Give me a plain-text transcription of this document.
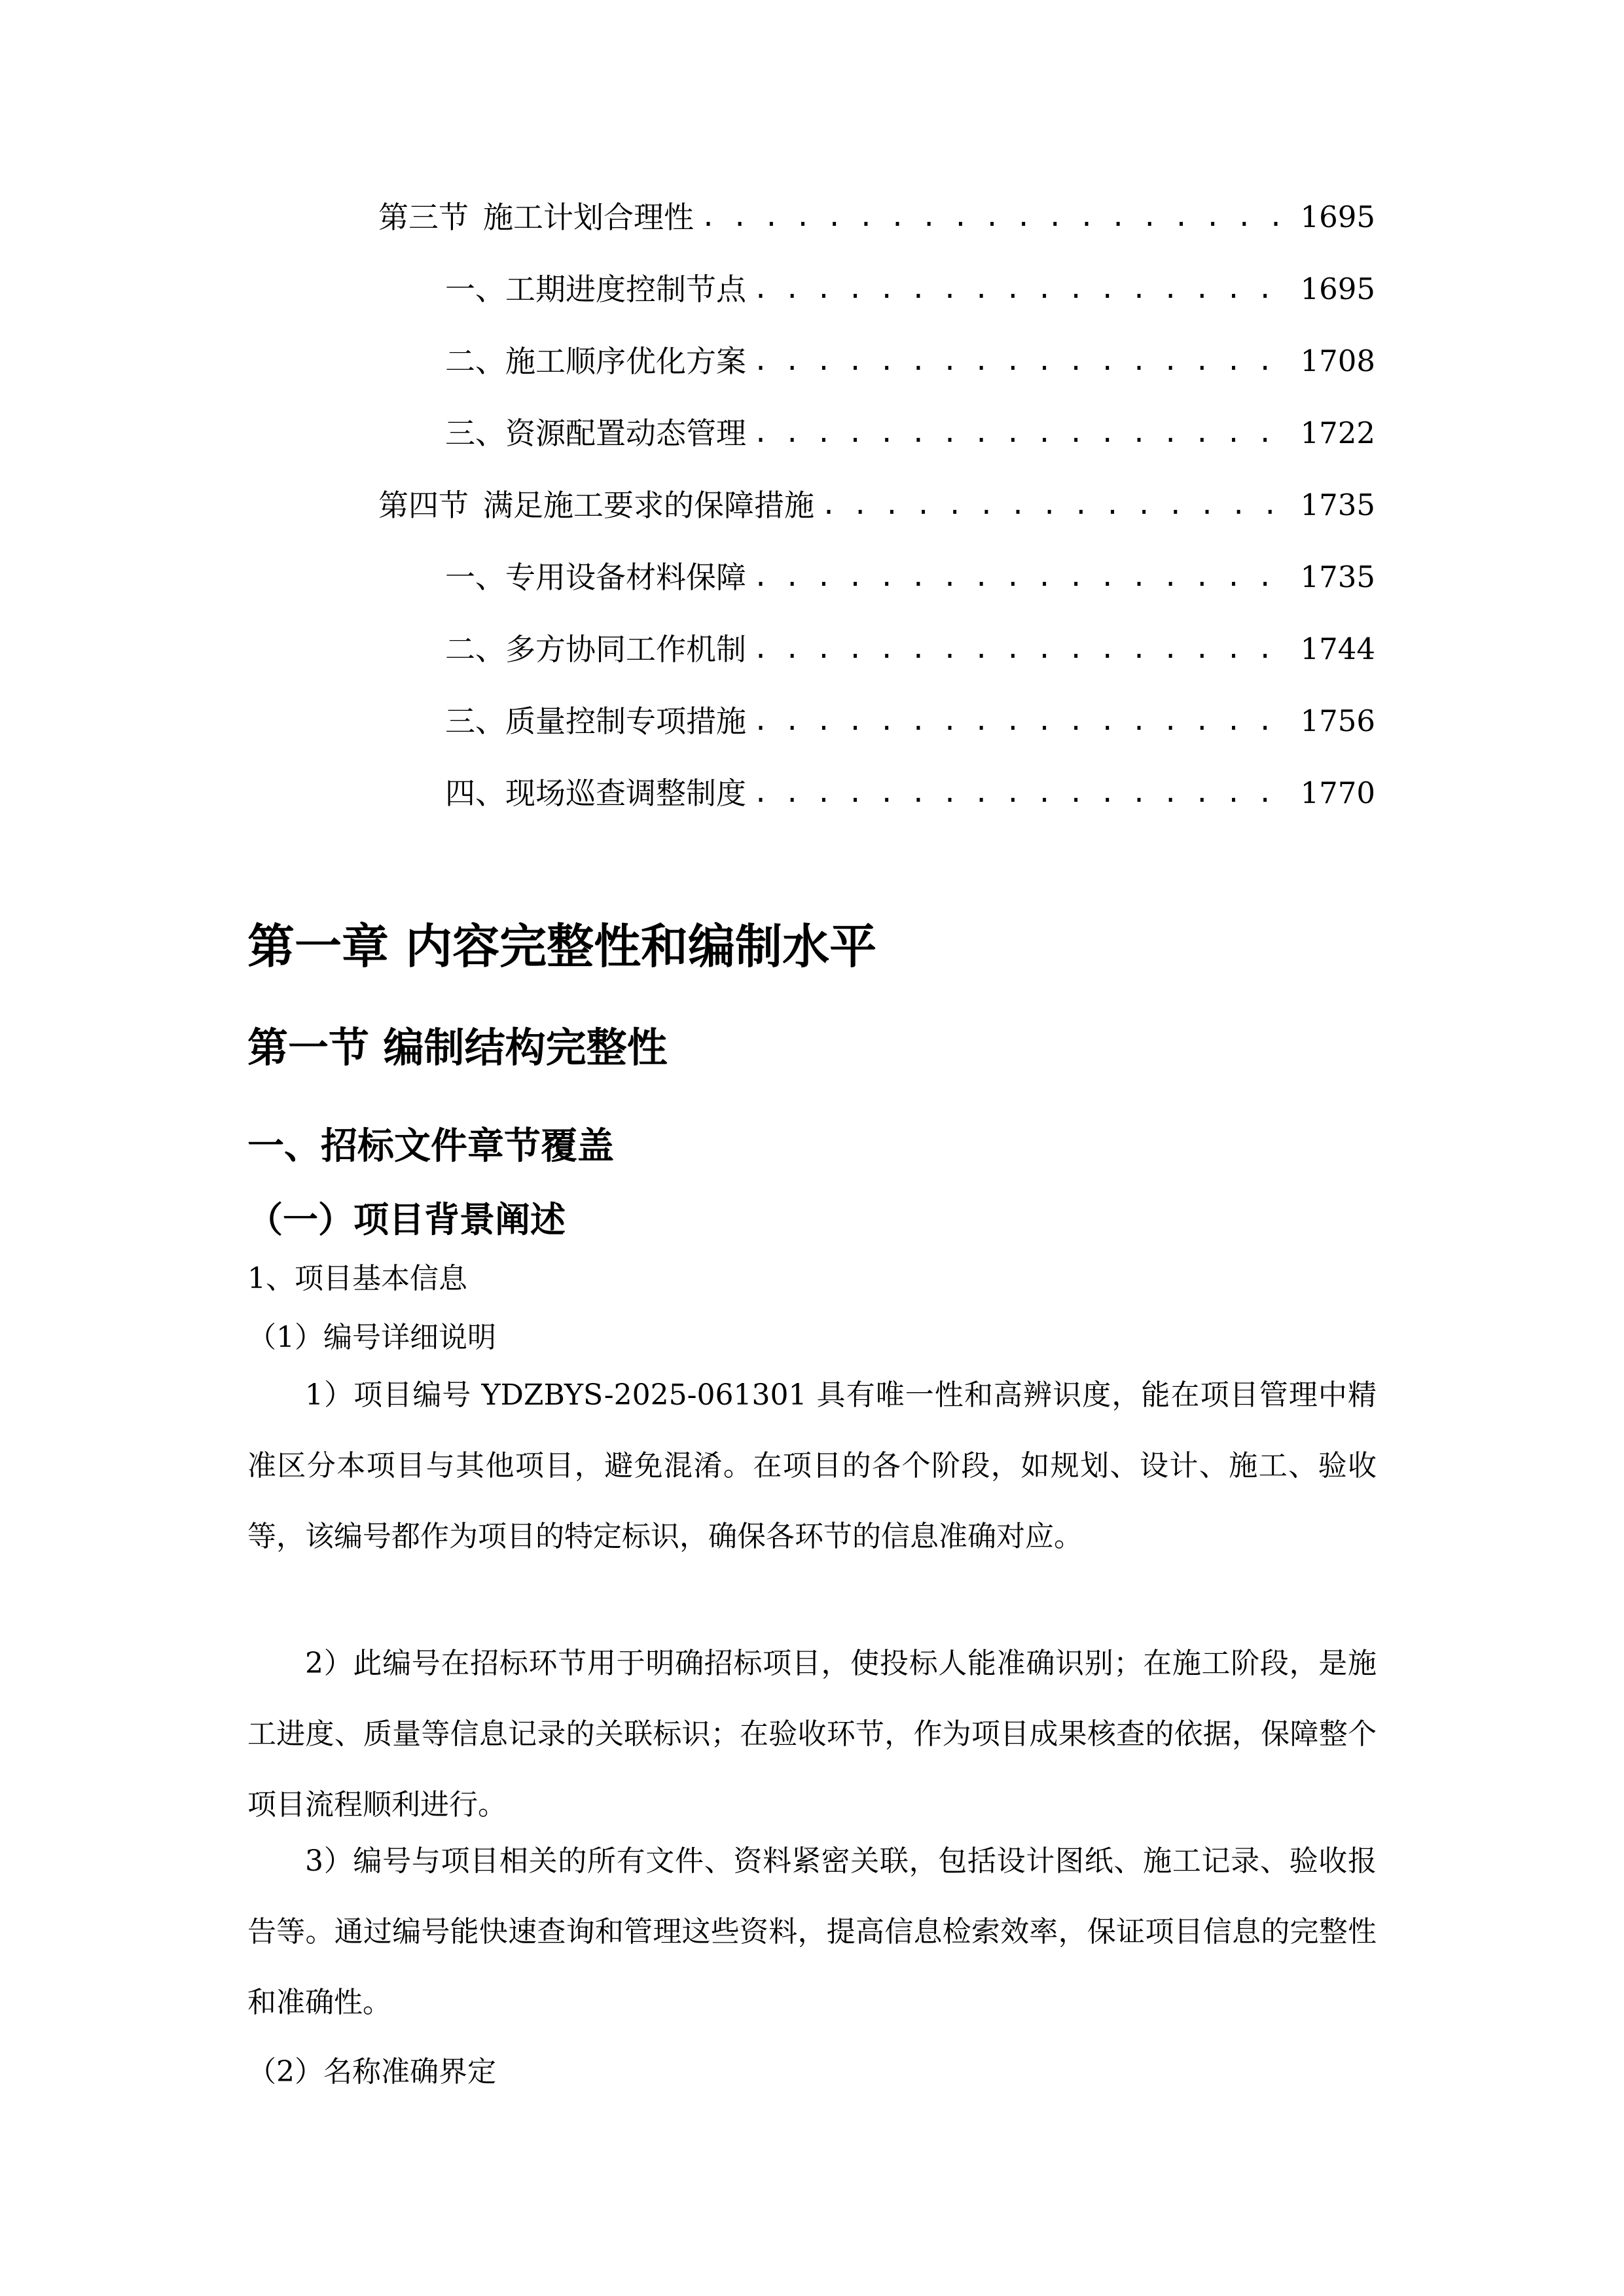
第三节 施工计划合理性 . . .	1695
一、 工期进度控制节点 . . .	1695
二、 施工顺序优化方案 . . .	1708
三、 资源配置动态管理 . . .	1722
第四节 满足施工要求的保障措施 . . .	1735
一、 专用设备材料保障 . . .	1735
二、 多方协同工作机制 . . .	1744
三、 质量控制专项措施 . . .	1756
四、 现场巡查调整制度 . . .	1770
第一章 内容完整性和编制水平
第一节 编制结构完整性
一、招标文件章节覆盖
（一）项目背景阐述
1、项目基本信息
（1）编号详细说明

1）项目编号 YDZBYS-2025-061301 具有唯一性和高辨识度，能在项目管理中精准区分本项目与其他项目，避免混淆。在项目的各个阶段，如规划、设计、施工、验收等，该编号都作为项目的特定标识，确保各环节的信息准确对应。

2）此编号在招标环节用于明确招标项目，使投标人能准确识别；在施工阶段，是施工进度、质量等信息记录的关联标识；在验收环节，作为项目成果核查的依据，保障整个项目流程顺利进行。

3）编号与项目相关的所有文件、资料紧密关联，包括设计图纸、施工记录、验收报告等。通过编号能快速查询和管理这些资料，提高信息检索效率，保证项目信息的完整性和准确性。

（2）名称准确界定
